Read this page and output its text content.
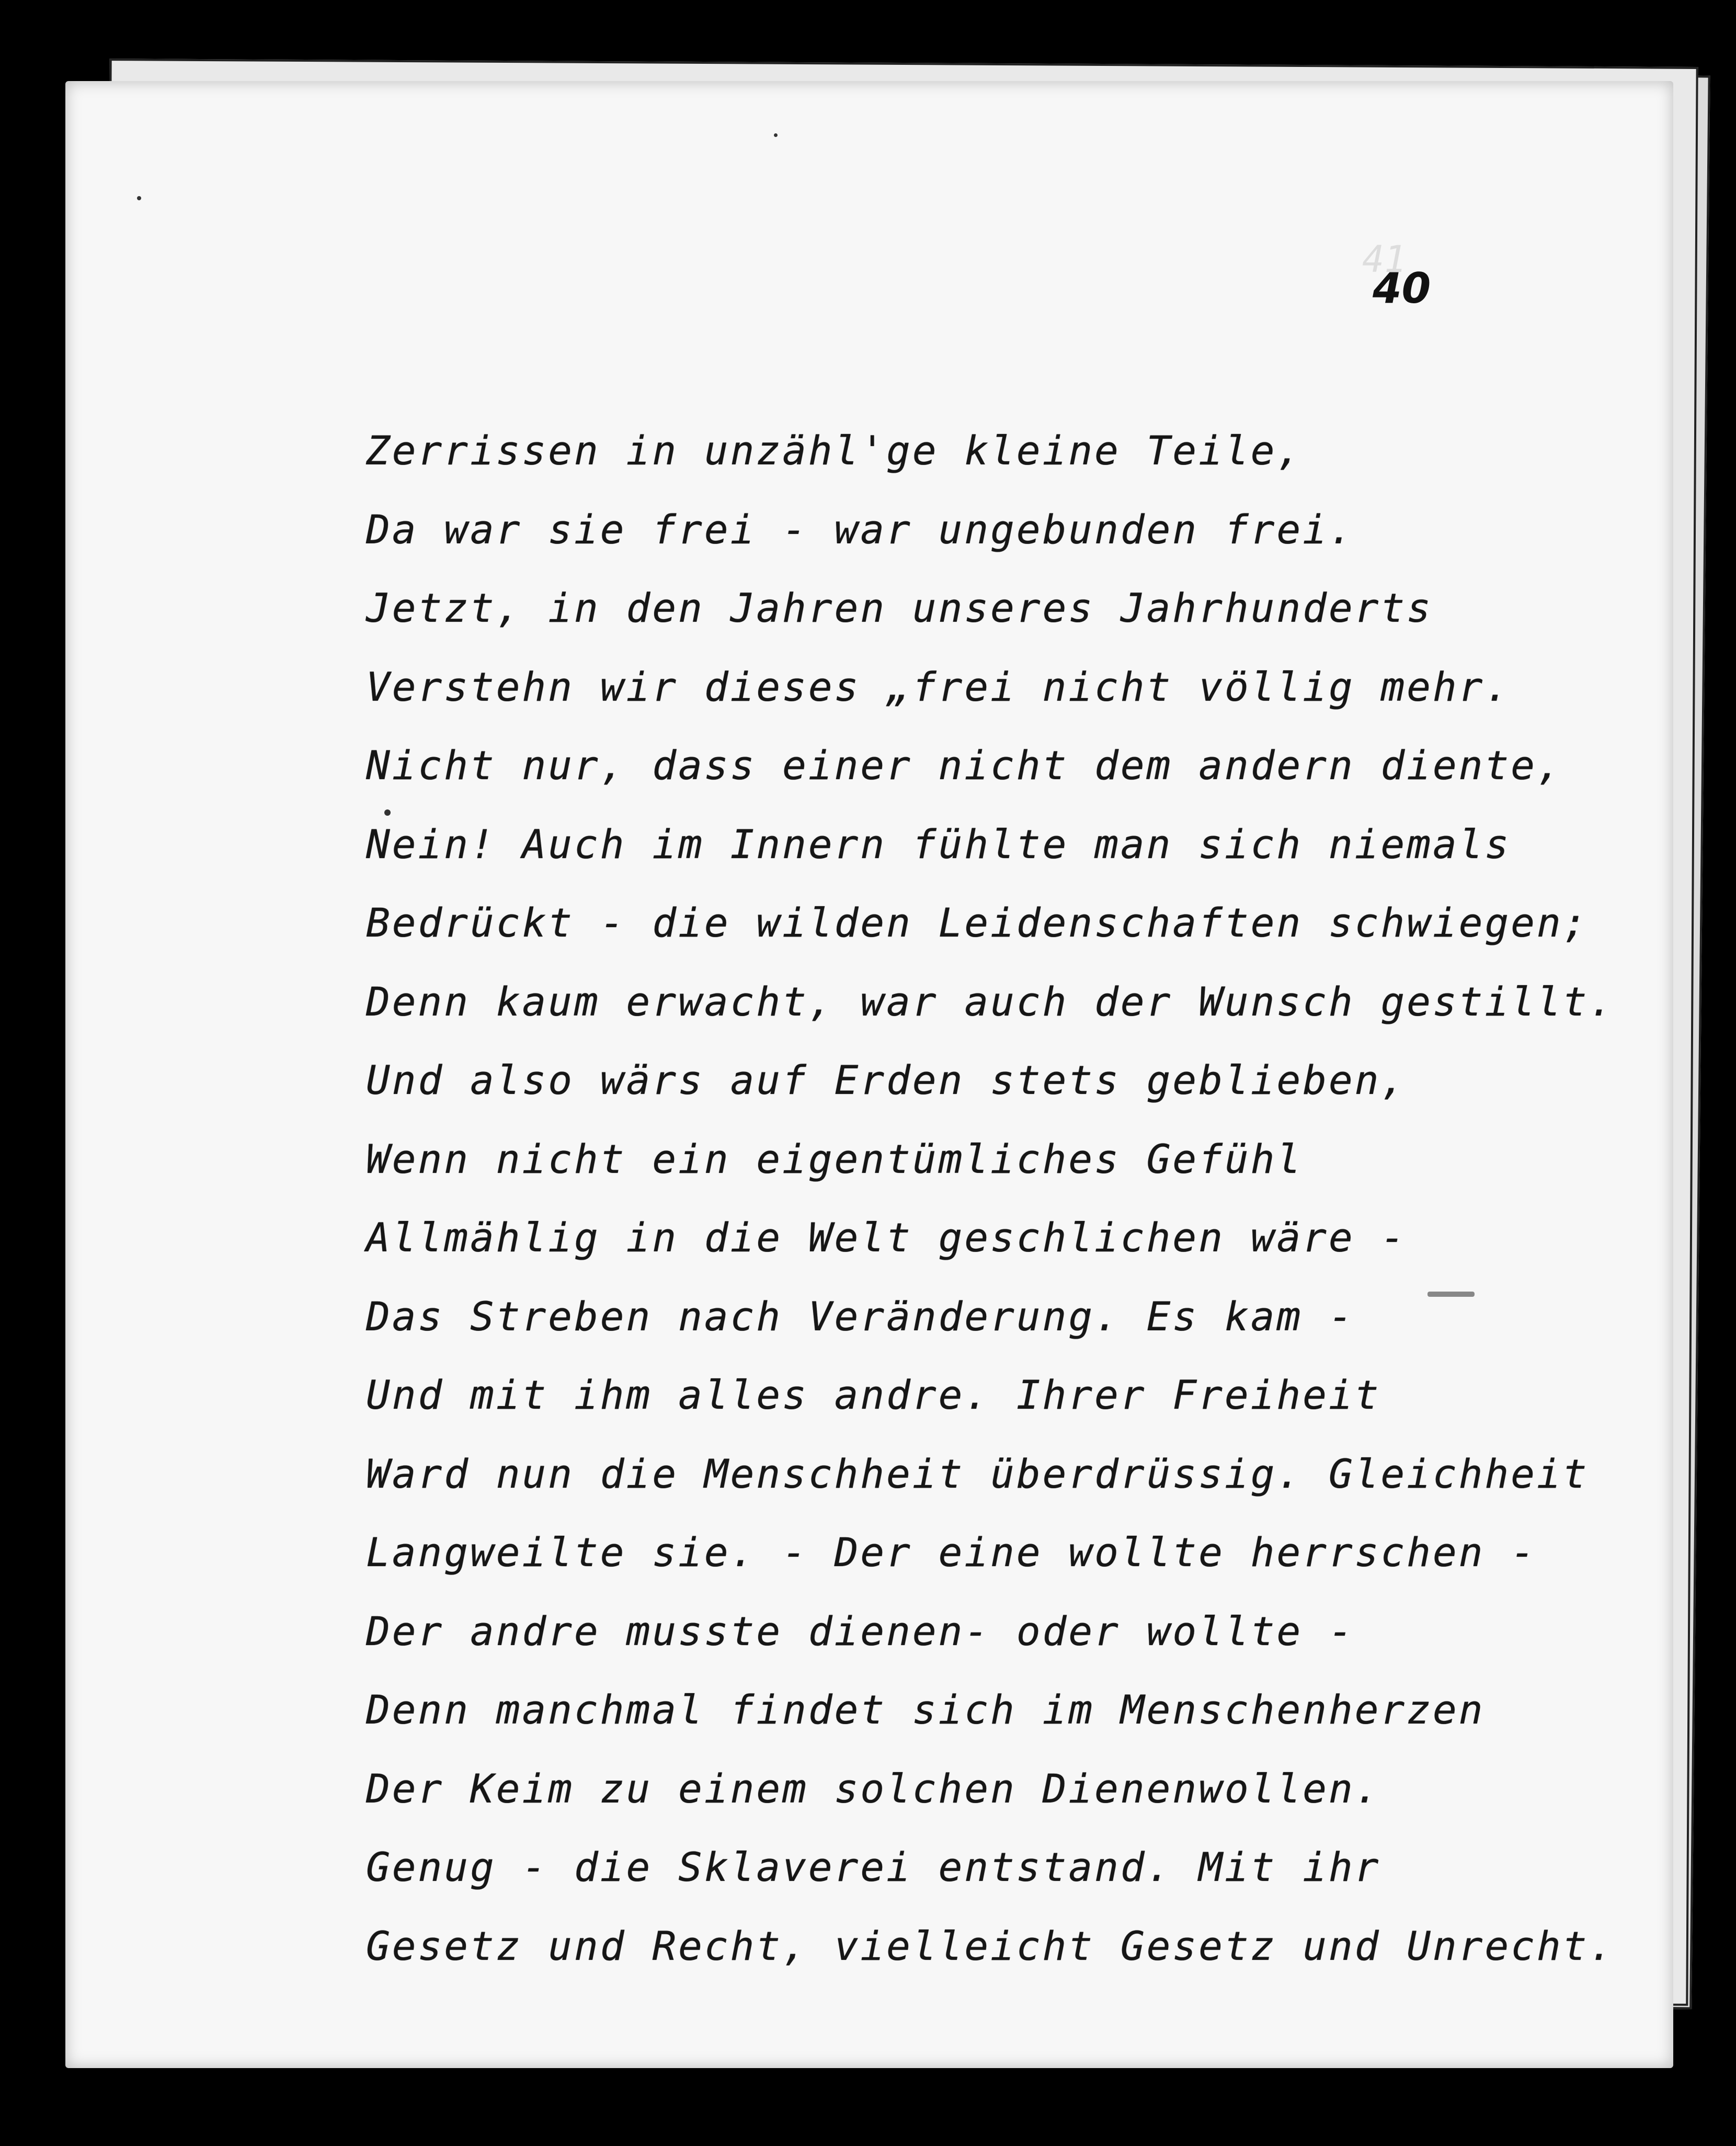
41
40
Zerrissen in unzähl'ge kleine Teile,
Da war sie frei - war ungebunden frei.
Jetzt, in den Jahren unseres Jahrhunderts
Verstehn wir dieses „frei nicht völlig mehr.
Nicht nur, dass einer nicht dem andern diente,
Nein! Auch im Innern fühlte man sich niemals
Bedrückt - die wilden Leidenschaften schwiegen;
Denn kaum erwacht, war auch der Wunsch gestillt.
Und also wärs auf Erden stets geblieben,
Wenn nicht ein eigentümliches Gefühl
Allmählig in die Welt geschlichen wäre -
Das Streben nach Veränderung. Es kam -
Und mit ihm alles andre. Ihrer Freiheit
Ward nun die Menschheit überdrüssig. Gleichheit
Langweilte sie. - Der eine wollte herrschen -
Der andre musste dienen- oder wollte -
Denn manchmal findet sich im Menschenherzen
Der Keim zu einem solchen Dienenwollen.
Genug - die Sklaverei entstand. Mit ihr
Gesetz und Recht, vielleicht Gesetz und Unrecht.
